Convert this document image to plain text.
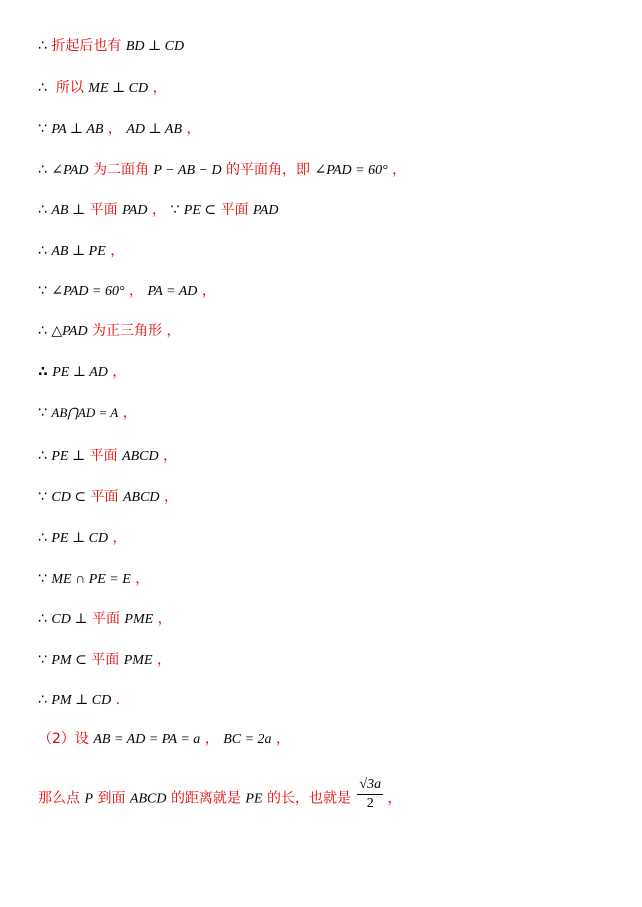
∴ 折起后也有 BD ⊥ CD
∴ 所以 ME ⊥ CD ，
∵ PA ⊥ AB ， AD ⊥ AB ，
∴ ∠PAD 为二面角 P − AB − D 的平面角，即 ∠PAD = 60° ，
∴ AB ⊥ 平面 PAD ， ∵ PE ⊂ 平面 PAD
∴ AB ⊥ PE ，
∵ ∠PAD = 60° ， PA = AD ，
∴ △PAD 为正三角形 ，
∴ PE ⊥ AD ，
∵ AB⋂AD = A ，
∴ PE ⊥ 平面 ABCD ，
∵ CD ⊂ 平面 ABCD ，
∴ PE ⊥ CD ，
∵ ME ∩ PE = E ，
∴ CD ⊥ 平面 PME ，
∵ PM ⊂ 平面 PME ，
∴ PM ⊥ CD .
（2）设 AB = AD = PA = a ， BC = 2a ，
那么点 P 到面 ABCD 的距离就是 PE 的长，也就是 $\frac{√3a}{2}$ ，
